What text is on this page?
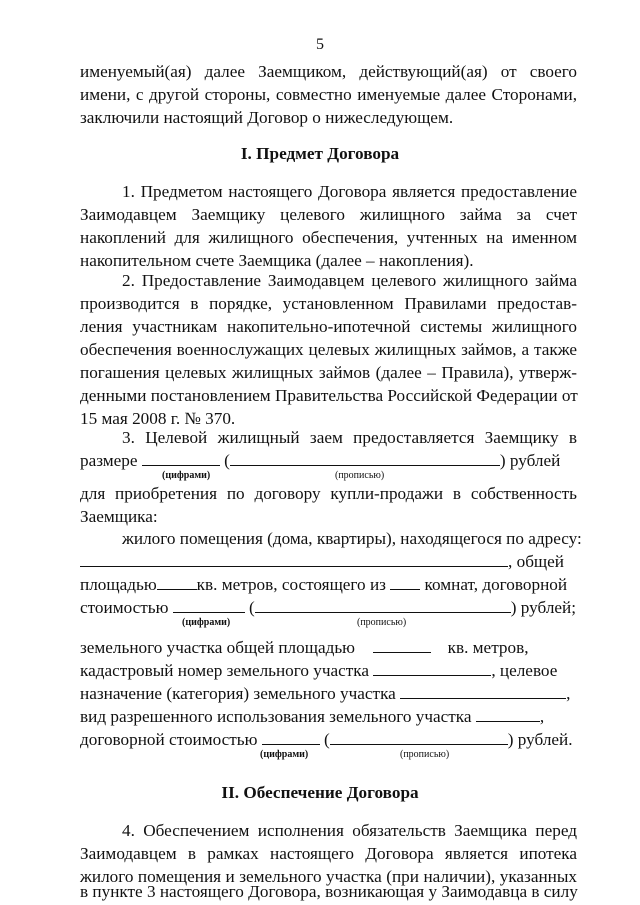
5
именуемый(ая) далее Заемщиком, действующий(ая) от своего
имени, с другой стороны, совместно именуемые далее Сторонами,
заключили настоящий Договор о нижеследующем.
I. Предмет Договора
1. Предметом настоящего Договора является предоставление
Заимодавцем Заемщику целевого жилищного займа за счет
накоплений для жилищного обеспечения, учтенных на именном
накопительном счете Заемщика (далее – накопления).
2. Предоставление Заимодавцем целевого жилищного займа
производится в порядке, установленном Правилами предостав-
ления участникам накопительно-ипотечной системы жилищного
обеспечения военнослужащих целевых жилищных займов, а также
погашения целевых жилищных займов (далее – Правила), утверж-
денными постановлением Правительства Российской Федерации от
15 мая 2008 г. № 370.
3. Целевой жилищный заем предоставляется Заемщику в
размере	(	) рублей
(цифрами)	(прописью)
для приобретения по договору купли-продажи в собственность
Заемщика:
жилого помещения (дома, квартиры), находящегося по адресу:
, общей
площадью кв. метров, состоящего из комнат, договорной
стоимостью	(	) рублей;
(цифрами)	(прописью)
земельного участка общей площадью	кв. метров,
кадастровый номер земельного участка	, целевое
назначение (категория) земельного участка	,
вид разрешенного использования земельного участка	,
договорной стоимостью	(	) рублей.
(цифрами)	(прописью)
II. Обеспечение Договора
4. Обеспечением исполнения обязательств Заемщика перед
Заимодавцем в рамках настоящего Договора является ипотека
жилого помещения и земельного участка (при наличии), указанных
в пункте 3 настоящего Договора, возникающая у Заимодавца в силу
